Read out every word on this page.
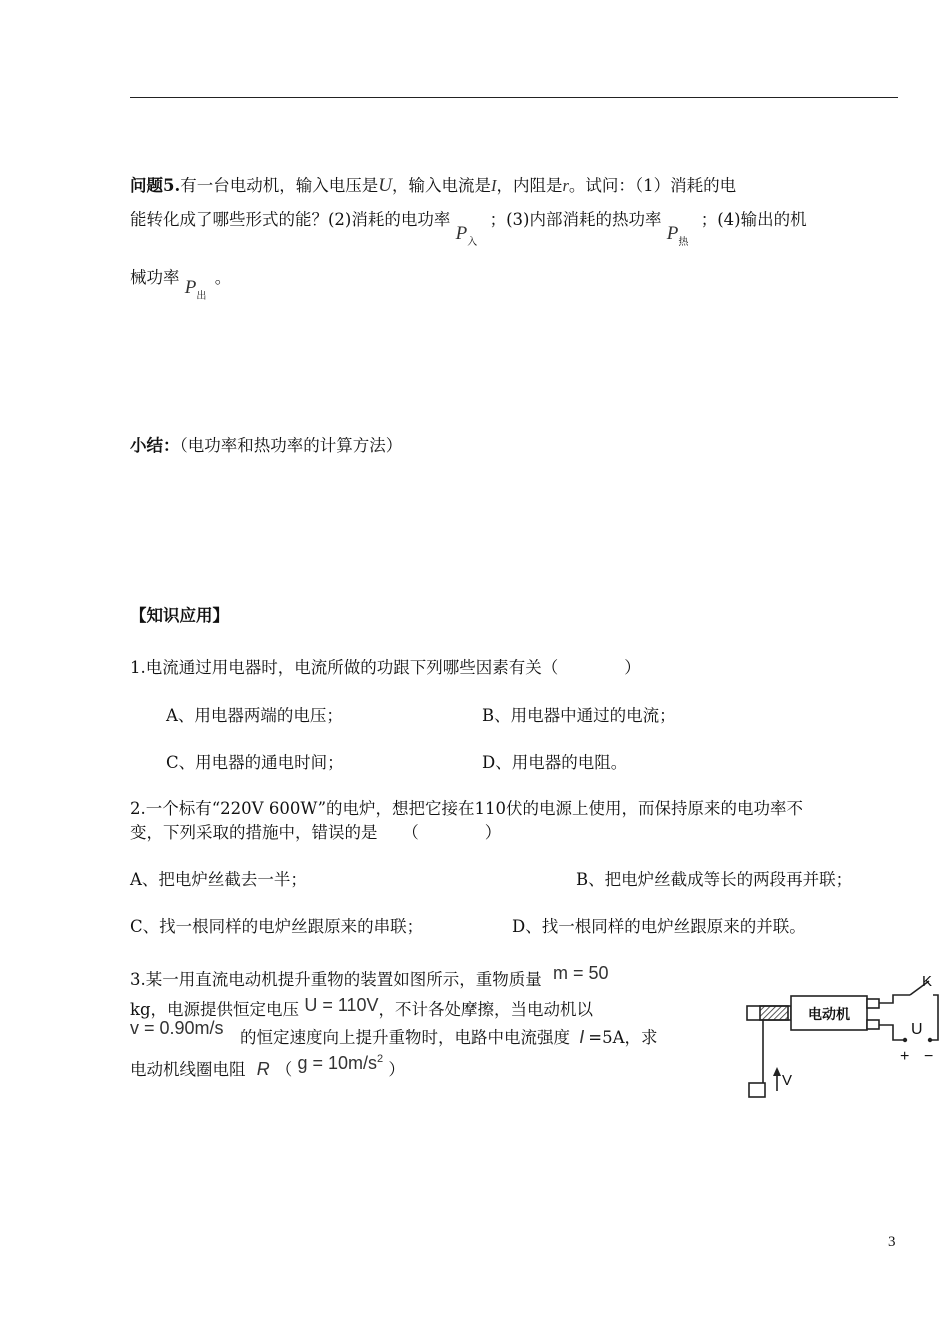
问题5.有一台电动机，输入电压是U，输入电流是I，内阻是r。试问：（1）消耗的电
能转化成了哪些形式的能？(2)消耗的电功率 $P_入$；(3)内部消耗的热功率 $P_热$；(4)输出的机
械功率 $P_出$。
小结：（电功率和热功率的计算方法）
【知识应用】
1.电流通过用电器时，电流所做的功跟下列哪些因素有关（　　　　）
A、用电器两端的电压；	B、用电器中通过的电流；
C、用电器的通电时间；	D、用电器的电阻。
2.一个标有“220V 600W”的电炉，想把它接在110伏的电源上使用，而保持原来的电功率不
变，下列采取的措施中，错误的是　　（　　　　）
A、把电炉丝截去一半；	B、把电炉丝截成等长的两段再并联；
C、找一根同样的电炉丝跟原来的串联；	D、找一根同样的电炉丝跟原来的并联。
3.某一用直流电动机提升重物的装置如图所示，重物质量 m = 50
kg，电源提供恒定电压 U = 110V，不计各处摩擦，当电动机以
v = 0.90m/s 的恒定速度向上提升重物时，电路中电流强度 I =5A，求
电动机线圈电阻 R （ $g = 10m/s^2$ ）
电动机
K
U
+ −
V
3
